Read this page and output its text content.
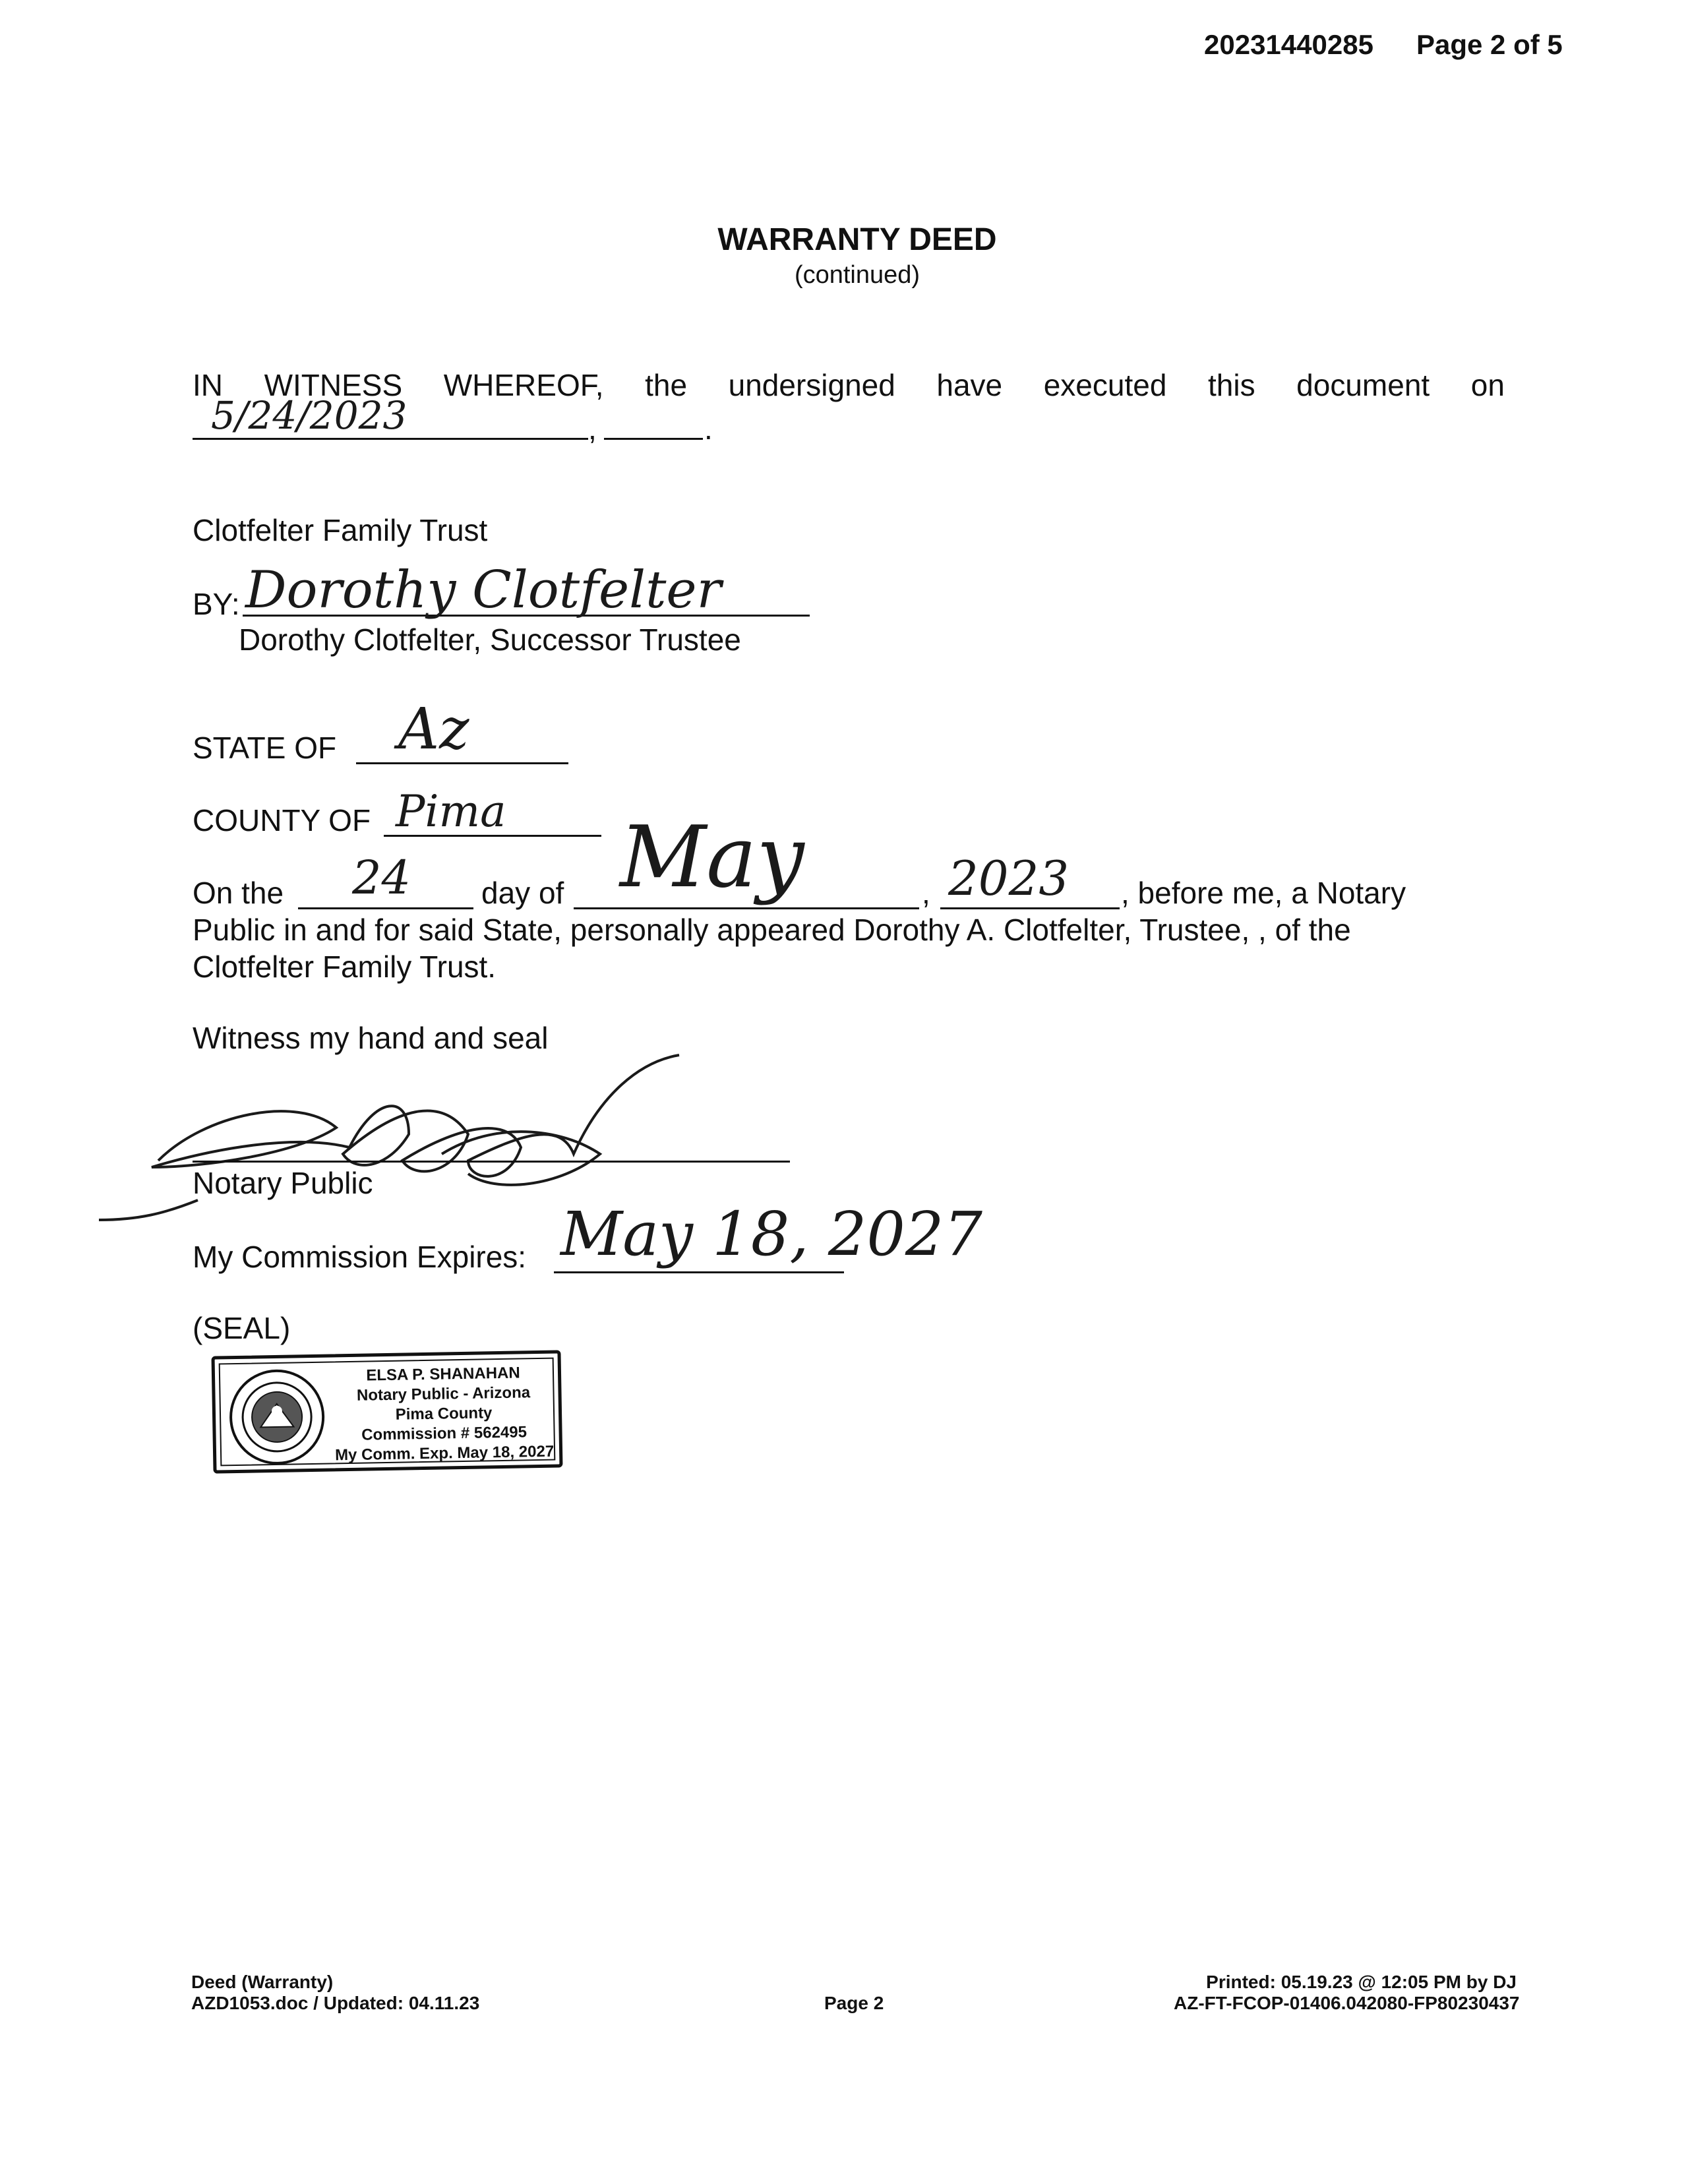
20231440285 Page 2 of 5
WARRANTY DEED
(continued)
IN WITNESS WHEREOF, the undersigned have executed this document on
5/24/2023	,	.
Clotfelter Family Trust
BY: Dorothy Clotfelter
Dorothy Clotfelter, Successor Trustee
STATE OF Az
COUNTY OF Pima
On the 24 day of May	, 2023 , before me, a Notary
Public in and for said State, personally appeared Dorothy A. Clotfelter, Trustee, , of the
Clotfelter Family Trust.
Witness my hand and seal
Notary Public
My Commission Expires: May 18, 2027
(SEAL)
ELSA P. SHANAHAN
Notary Public - Arizona
Pima County
Commission # 562495
My Comm. Exp. May 18, 2027
Deed (Warranty)
AZD1053.doc / Updated: 04.11.23	Page 2
Printed: 05.19.23 @ 12:05 PM by DJ
AZ-FT-FCOP-01406.042080-FP80230437
